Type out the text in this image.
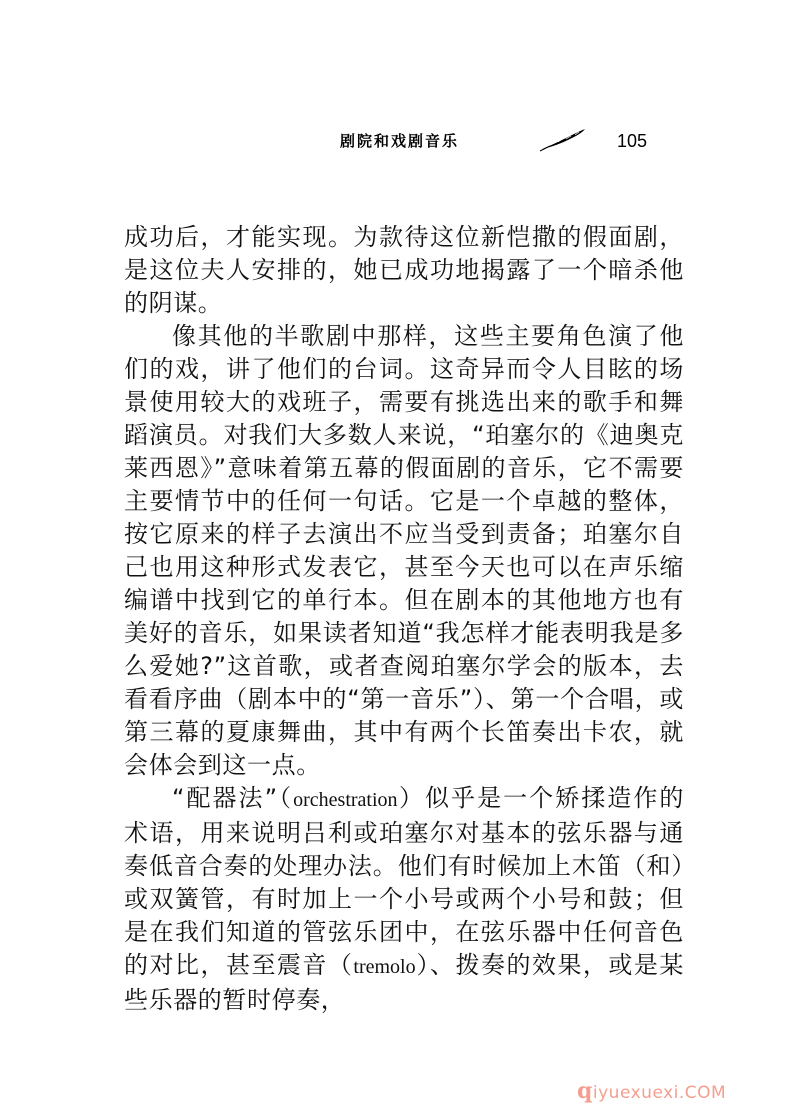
剧院和戏剧音乐	105

成功后，才能实现。为款待这位新恺撒的假面剧，是这位夫人安排的，她已成功地揭露了一个暗杀他的阴谋。

像其他的半歌剧中那样，这些主要角色演了他们的戏，讲了他们的台词。这奇异而令人目眩的场景使用较大的戏班子，需要有挑选出来的歌手和舞蹈演员。对我们大多数人来说，“珀塞尔的《迪奥克莱西恩》”意味着第五幕的假面剧的音乐，它不需要主要情节中的任何一句话。它是一个卓越的整体，按它原来的样子去演出不应当受到责备；珀塞尔自己也用这种形式发表它，甚至今天也可以在声乐缩编谱中找到它的单行本。但在剧本的其他地方也有美好的音乐，如果读者知道“我怎样才能表明我是多么爱她?”这首歌，或者查阅珀塞尔学会的版本，去看看序曲（剧本中的“第一音乐”）、第一个合唱，或第三幕的夏康舞曲，其中有两个长笛奏出卡农，就会体会到这一点。

“配器法”（orchestration）似乎是一个矫揉造作的术语，用来说明吕利或珀塞尔对基本的弦乐器与通奏低音合奏的处理办法。他们有时候加上木笛（和）或双簧管，有时加上一个小号或两个小号和鼓；但是在我们知道的管弦乐团中，在弦乐器中任何音色的对比，甚至震音（tremolo）、拨奏的效果，或是某些乐器的暂时停奏，

qiyuexuexi.COM
